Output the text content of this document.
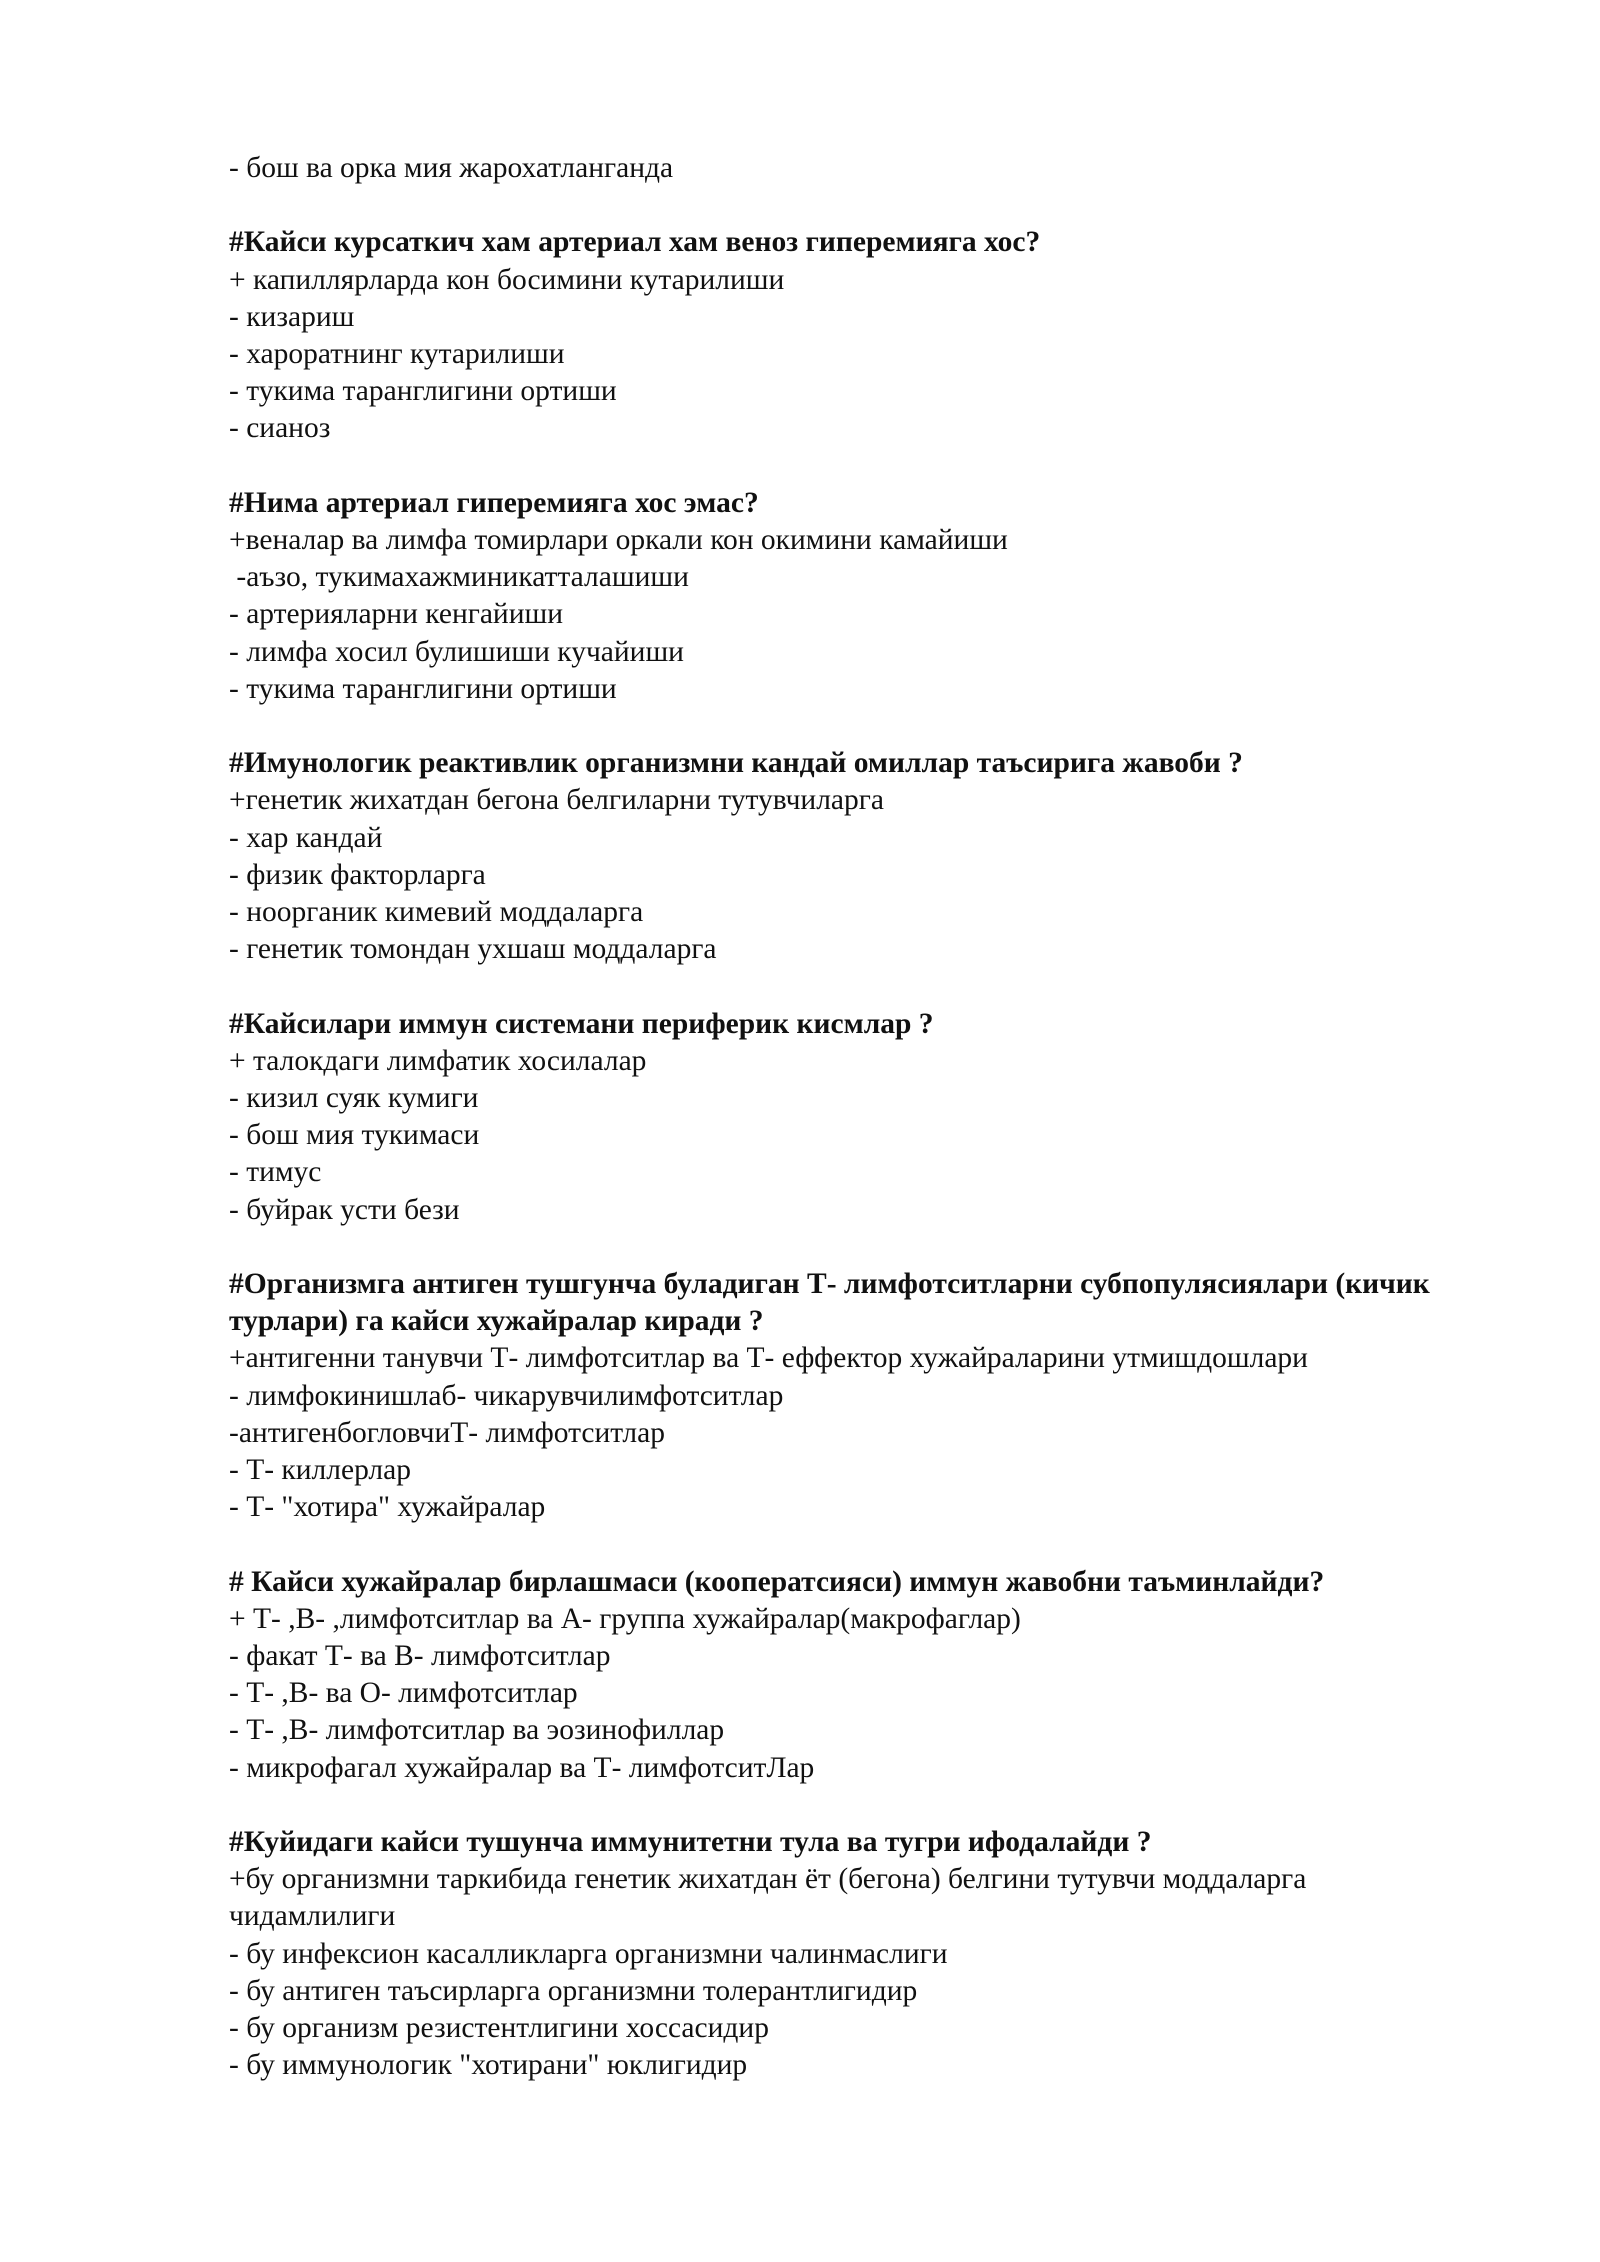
- бош ва орка мия жарохатланганда
#Кайси курсаткич хам артериал хам веноз гиперемияга хос?
+ капиллярларда кон босимини кутарилиши
- кизариш
- хароратнинг кутарилиши
- тукима таранглигини ортиши
- сианоз
#Нима артериал гиперемияга хос эмас?
+веналар ва лимфа томирлари оркали кон окимини камайиши
-аъзо, тукимахажминикатталашиши
- артерияларни кенгайиши
- лимфа хосил булишиши кучайиши
- тукима таранглигини ортиши
#Имунологик реактивлик организмни кандай омиллар таъсирига жавоби ?
+генетик жихатдан бегона белгиларни тутувчиларга
- хар кандай
- физик факторларга
- ноорганик кимевий моддаларга
- генетик томондан ухшаш моддаларга
#Кайсилари иммун системани периферик кисмлар ?
+ талокдаги лимфатик хосилалар
- кизил суяк кумиги
- бош мия тукимаси
- тимус
- буйрак усти бези
#Организмга антиген тушгунча буладиган Т- лимфотситларни субпопулясиялари (кичик турлари) га кайси хужайралар киради ?
+антигенни танувчи Т- лимфотситлар ва Т- еффектор хужайраларини утмишдошлари
- лимфокинишлаб- чикарувчилимфотситлар
-антигенбогловчиТ- лимфотситлар
- Т- киллерлар
- Т- "хотира" хужайралар
# Кайси хужайралар бирлашмаси (кооператсияси) иммун жавобни таъминлайди?
+ Т- ,В- ,лимфотситлар ва А- группа хужайралар(макрофаглар)
- факат Т- ва В- лимфотситлар
- Т- ,В- ва О- лимфотситлар
- Т- ,В- лимфотситлар ва эозинофиллар
- микрофагал хужайралар ва Т- лимфотситЛар
#Куйидаги кайси тушунча иммунитетни тула ва тугри ифодалайди ?
+бу организмни таркибида генетик жихатдан ёт (бегона) белгини тутувчи моддаларга чидамлилиги
- бу инфексион касалликларга организмни чалинмаслиги
- бу антиген таъсирларга организмни толерантлигидир
- бу организм резистентлигини хоссасидир
- бу иммунологик "хотирани" юклигидир
